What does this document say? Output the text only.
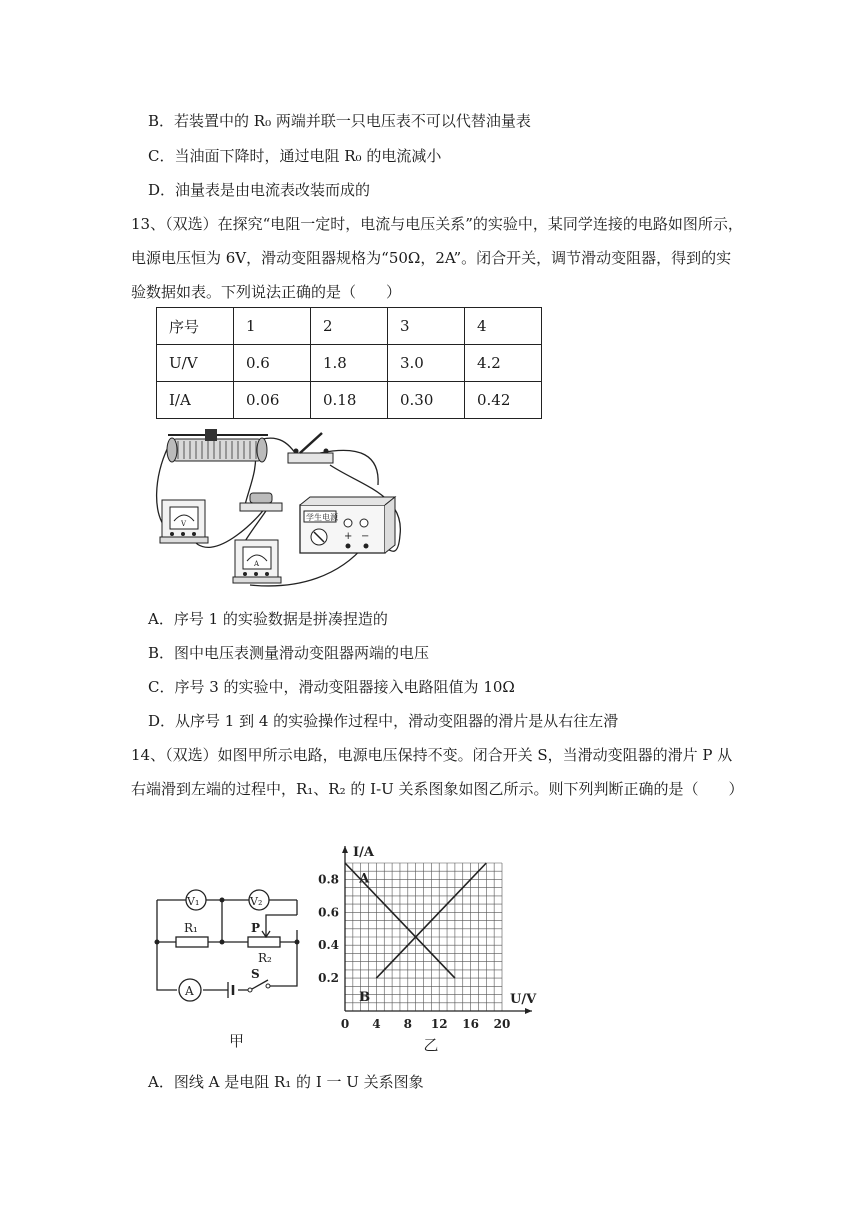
B．若装置中的 R₀ 两端并联一只电压表不可以代替油量表
C．当油面下降时，通过电阻 R₀ 的电流减小
D．油量表是由电流表改装而成的
13、（双选）在探究“电阻一定时，电流与电压关系”的实验中，某同学连接的电路如图所示，
电源电压恒为 6V，滑动变阻器规格为“50Ω，2A”。闭合开关，调节滑动变阻器，得到的实
验数据如表。下列说法正确的是（　　）
序号	1	2	3	4
U/V	0.6	1.8	3.0	4.2
I/A	0.06	0.18	0.30	0.42
V
A
学生电源
+ −
A．序号 1 的实验数据是拼凑捏造的
B．图中电压表测量滑动变阻器两端的电压
C．序号 3 的实验中，滑动变阻器接入电路阻值为 10Ω
D．从序号 1 到 4 的实验操作过程中，滑动变阻器的滑片是从右往左滑
14、（双选）如图甲所示电路，电源电压保持不变。闭合开关 S，当滑动变阻器的滑片 P 从
右端滑到左端的过程中，R₁、R₂ 的 I-U 关系图象如图乙所示。则下列判断正确的是（　　）
V₁	V₂
R₁	P
R₂
A
S
甲
A
B
0 4 8 12 16 20
0.2
0.4
0.6
0.8
I/A
U/V
乙
A．图线 A 是电阻 R₁ 的 I 一 U 关系图象
